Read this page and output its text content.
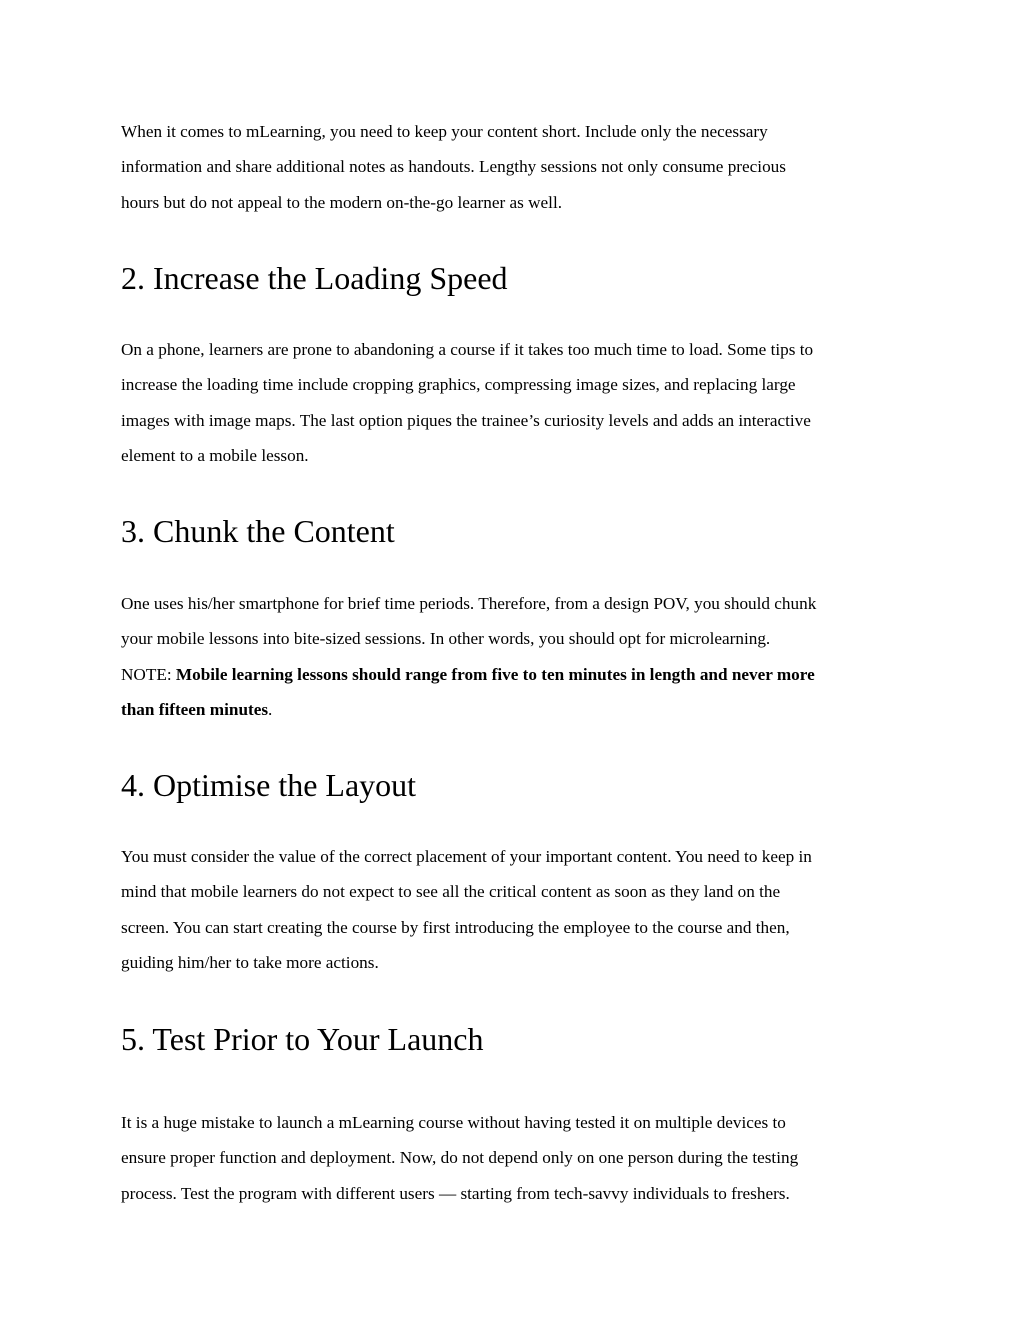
When it comes to mLearning, you need to keep your content short. Include only the necessary
information and share additional notes as handouts. Lengthy sessions not only consume precious
hours but do not appeal to the modern on-the-go learner as well.

2. Increase the Loading Speed

On a phone, learners are prone to abandoning a course if it takes too much time to load. Some tips to
increase the loading time include cropping graphics, compressing image sizes, and replacing large
images with image maps. The last option piques the trainee’s curiosity levels and adds an interactive
element to a mobile lesson.

3. Chunk the Content

One uses his/her smartphone for brief time periods. Therefore, from a design POV, you should chunk
your mobile lessons into bite-sized sessions. In other words, you should opt for microlearning.
NOTE: Mobile learning lessons should range from five to ten minutes in length and never more
than fifteen minutes.

4. Optimise the Layout

You must consider the value of the correct placement of your important content. You need to keep in
mind that mobile learners do not expect to see all the critical content as soon as they land on the
screen. You can start creating the course by first introducing the employee to the course and then,
guiding him/her to take more actions.

5. Test Prior to Your Launch

It is a huge mistake to launch a mLearning course without having tested it on multiple devices to
ensure proper function and deployment. Now, do not depend only on one person during the testing
process. Test the program with different users — starting from tech-savvy individuals to freshers.
